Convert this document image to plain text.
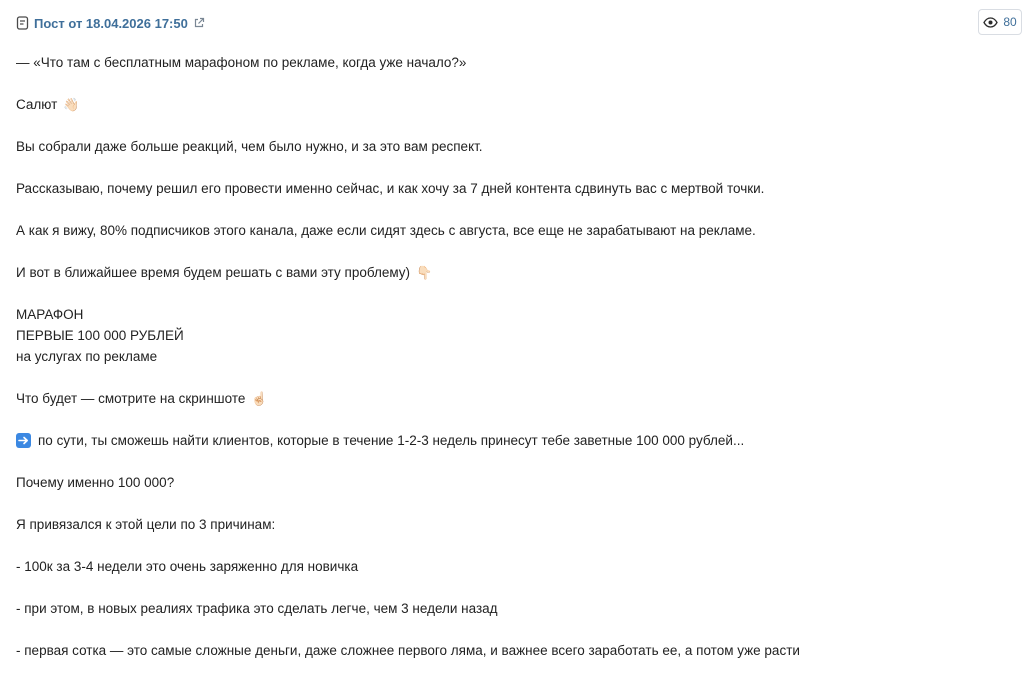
Пост от 18.04.2026 17:50	80
— «Что там с бесплатным марафоном по рекламе, когда уже начало?»
Салют 👋🏻
Вы собрали даже больше реакций, чем было нужно, и за это вам респект.
Рассказываю, почему решил его провести именно сейчас, и как хочу за 7 дней контента сдвинуть вас с мертвой точки.
А как я вижу, 80% подписчиков этого канала, даже если сидят здесь с августа, все еще не зарабатывают на рекламе.
И вот в ближайшее время будем решать с вами эту проблему) 👇🏻
МАРАФОН
ПЕРВЫЕ 100 000 РУБЛЕЙ
на услугах по рекламе
Что будет — смотрите на скриншоте ☝🏻
по сути, ты сможешь найти клиентов, которые в течение 1-2-3 недель принесут тебе заветные 100 000 рублей...
Почему именно 100 000?
Я привязался к этой цели по 3 причинам:
- 100к за 3-4 недели это очень заряженно для новичка
- при этом, в новых реалиях трафика это сделать легче, чем 3 недели назад
- первая сотка — это самые сложные деньги, даже сложнее первого ляма, и важнее всего заработать ее, а потом уже расти
